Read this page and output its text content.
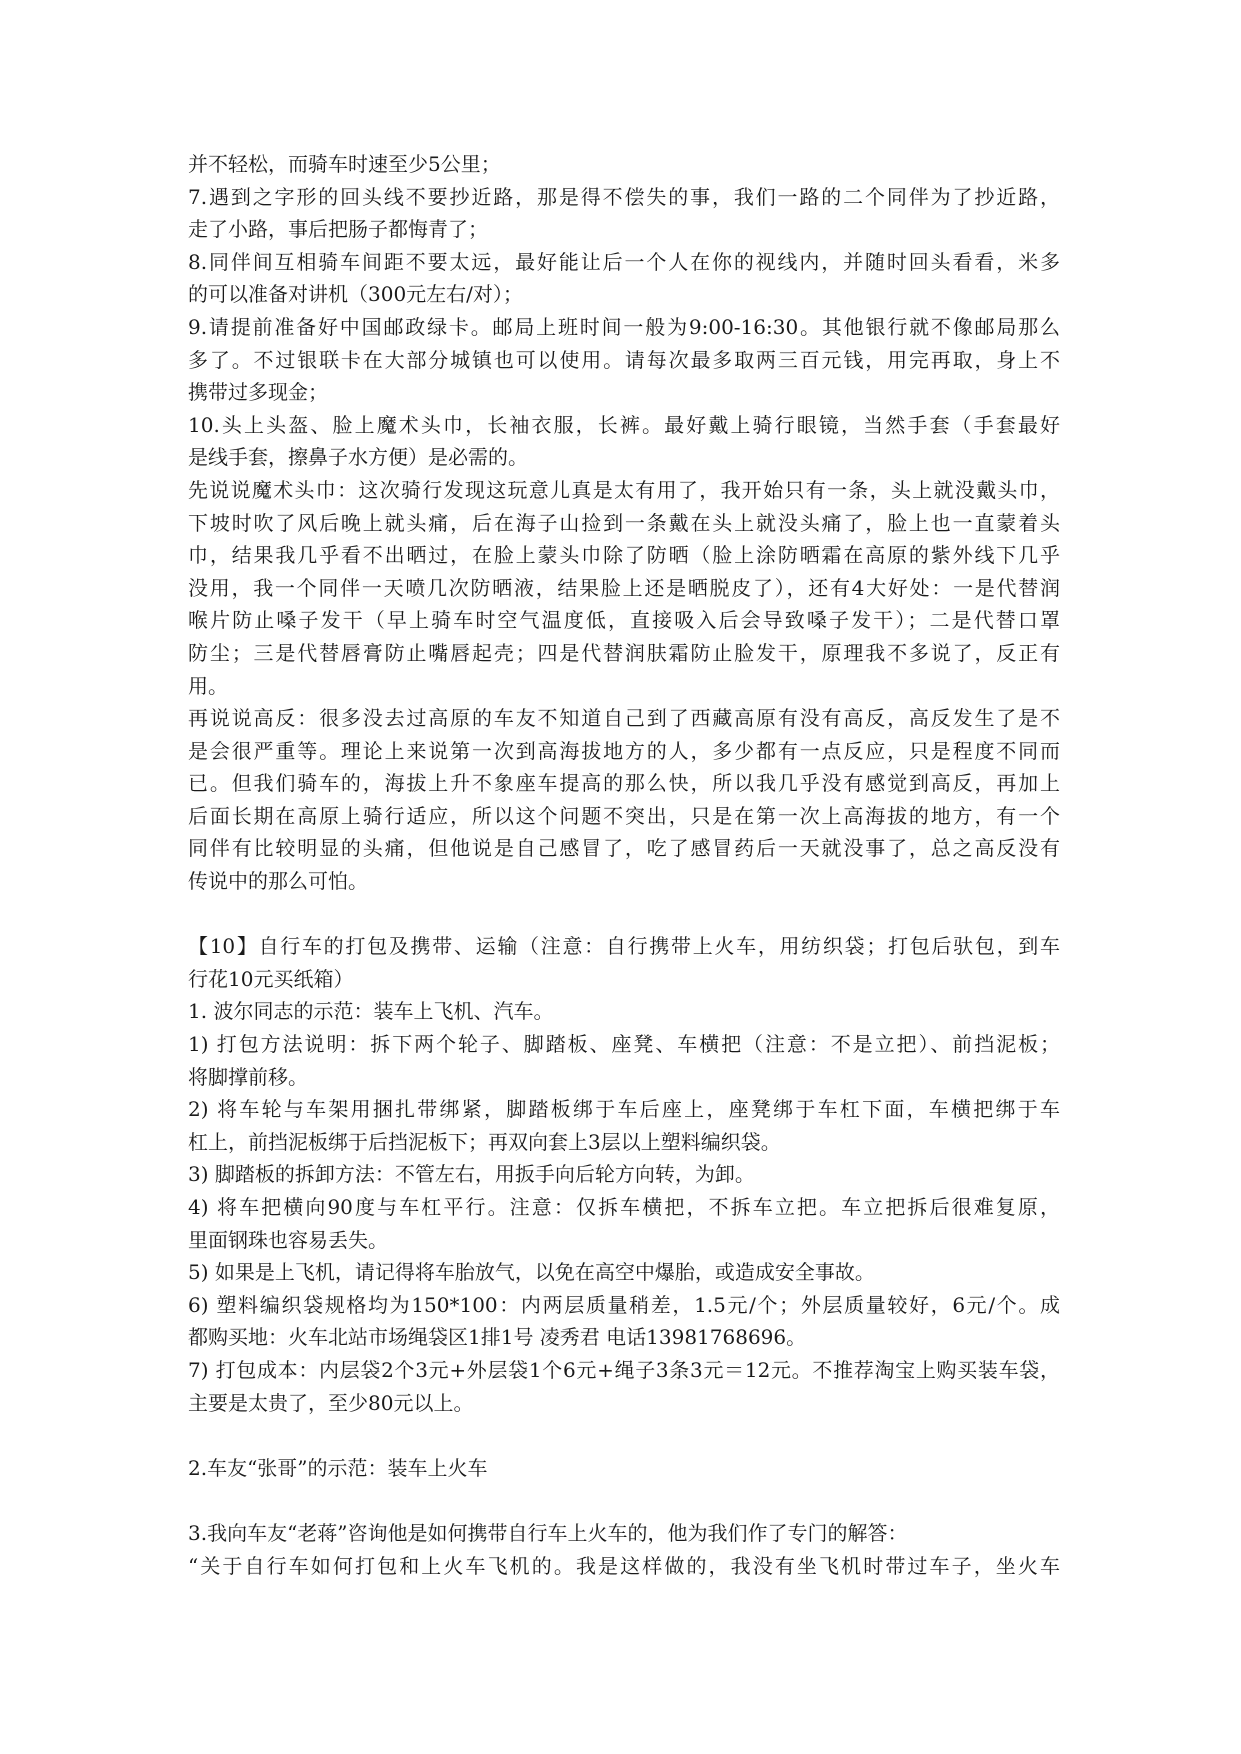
并不轻松，而骑车时速至少5公里；
7.遇到之字形的回头线不要抄近路，那是得不偿失的事，我们一路的二个同伴为了抄近路，
走了小路，事后把肠子都悔青了；
8.同伴间互相骑车间距不要太远，最好能让后一个人在你的视线内，并随时回头看看，米多
的可以准备对讲机（300元左右/对）；
9.请提前准备好中国邮政绿卡。邮局上班时间一般为9:00-16:30。其他银行就不像邮局那么
多了。不过银联卡在大部分城镇也可以使用。请每次最多取两三百元钱，用完再取，身上不
携带过多现金；
10.头上头盔、脸上魔术头巾，长袖衣服，长裤。最好戴上骑行眼镜，当然手套（手套最好
是线手套，擦鼻子水方便）是必需的。
先说说魔术头巾：这次骑行发现这玩意儿真是太有用了，我开始只有一条，头上就没戴头巾，
下坡时吹了风后晚上就头痛，后在海子山捡到一条戴在头上就没头痛了，脸上也一直蒙着头
巾，结果我几乎看不出晒过，在脸上蒙头巾除了防晒（脸上涂防晒霜在高原的紫外线下几乎
没用，我一个同伴一天喷几次防晒液，结果脸上还是晒脱皮了），还有4大好处：一是代替润
喉片防止嗓子发干（早上骑车时空气温度低，直接吸入后会导致嗓子发干）；二是代替口罩
防尘；三是代替唇膏防止嘴唇起壳；四是代替润肤霜防止脸发干，原理我不多说了，反正有
用。
再说说高反：很多没去过高原的车友不知道自己到了西藏高原有没有高反，高反发生了是不
是会很严重等。理论上来说第一次到高海拔地方的人，多少都有一点反应，只是程度不同而
已。但我们骑车的，海拔上升不象座车提高的那么快，所以我几乎没有感觉到高反，再加上
后面长期在高原上骑行适应，所以这个问题不突出，只是在第一次上高海拔的地方，有一个
同伴有比较明显的头痛，但他说是自己感冒了，吃了感冒药后一天就没事了，总之高反没有
传说中的那么可怕。
【10】自行车的打包及携带、运输（注意：自行携带上火车，用纺织袋；打包后驮包，到车
行花10元买纸箱）
1. 波尔同志的示范：装车上飞机、汽车。
1) 打包方法说明：拆下两个轮子、脚踏板、座凳、车横把（注意：不是立把）、前挡泥板；
将脚撑前移。
2) 将车轮与车架用捆扎带绑紧，脚踏板绑于车后座上，座凳绑于车杠下面，车横把绑于车
杠上，前挡泥板绑于后挡泥板下；再双向套上3层以上塑料编织袋。
3) 脚踏板的拆卸方法：不管左右，用扳手向后轮方向转，为卸。
4) 将车把横向90度与车杠平行。注意：仅拆车横把，不拆车立把。车立把拆后很难复原，
里面钢珠也容易丢失。
5) 如果是上飞机，请记得将车胎放气，以免在高空中爆胎，或造成安全事故。
6) 塑料编织袋规格均为150*100：内两层质量稍差，1.5元/个；外层质量较好，6元/个。成
都购买地：火车北站市场绳袋区1排1号 凌秀君 电话13981768696。
7) 打包成本：内层袋2个3元+外层袋1个6元+绳子3条3元＝12元。不推荐淘宝上购买装车袋，
主要是太贵了，至少80元以上。
2.车友“张哥”的示范：装车上火车
3.我向车友“老蒋”咨询他是如何携带自行车上火车的，他为我们作了专门的解答：
“关于自行车如何打包和上火车飞机的。我是这样做的，我没有坐飞机时带过车子，坐火车
